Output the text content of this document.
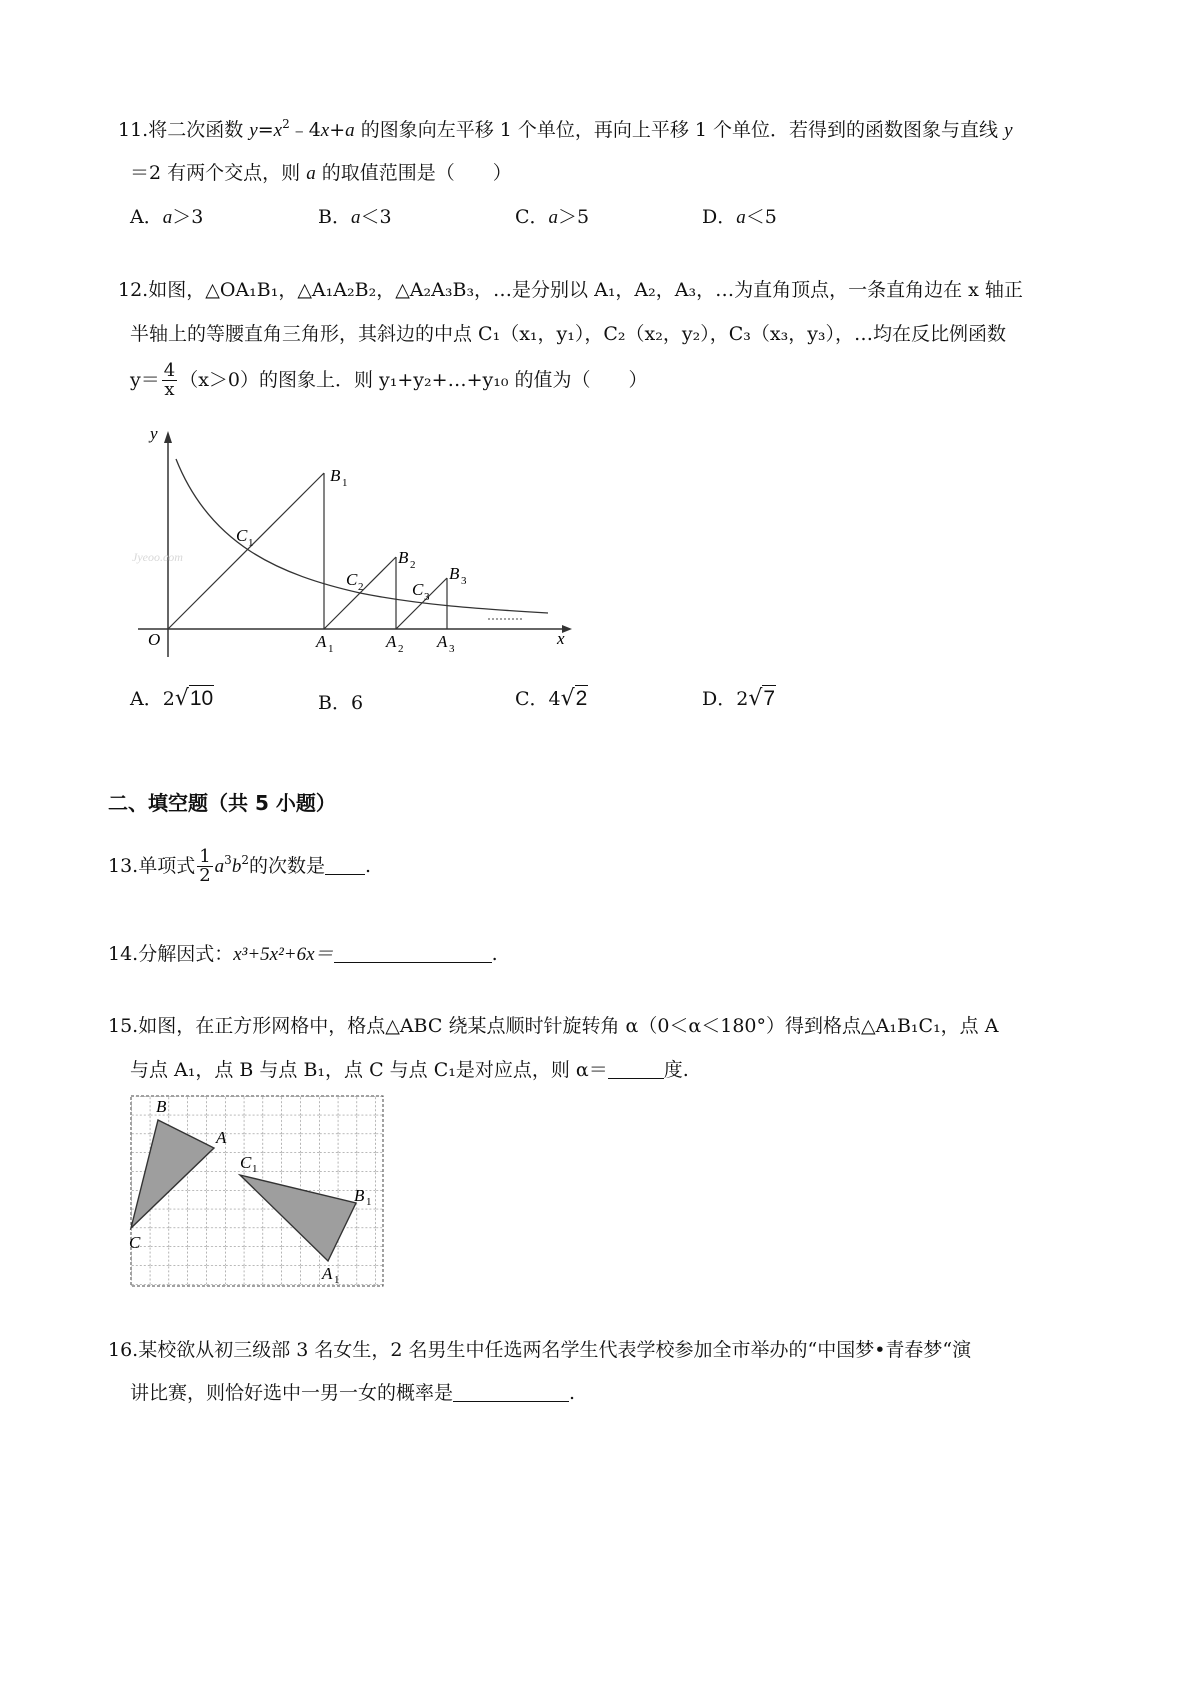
11.将二次函数 $y=x^2﹣4x+a$ 的图象向左平移 1 个单位，再向上平移 1 个单位．若得到的函数图象与直线 y
＝2 有两个交点，则 a 的取值范围是（　　）
A．a＞3	B．a＜3	C．a＞5	D．a＜5
12.如图，△OA₁B₁，△A₁A₂B₂，△A₂A₃B₃，…是分别以 A₁，A₂，A₃，…为直角顶点，一条直角边在 x 轴正
半轴上的等腰直角三角形，其斜边的中点 C₁（x₁，y₁），C₂（x₂，y₂），C₃（x₃，y₃），…均在反比例函数
$y= \frac{4}{x} (x>0)$的图象上．则 y₁+y₂+…+y₁₀ 的值为（　　）
Jyeoo.com
y
x
O
B 1
B 2 B 3
C 1
C 2	C 3
A 1	A 2 A 3
A．2√10	B．6	C．4√2	D．2√7
二、填空题（共 5 小题）
13.单项式 $\frac{1}{2} a^3b^2$的次数是 .
14.分解因式：x³+5x²+6x＝	.
15.如图，在正方形网格中，格点△ABC 绕某点顺时针旋转角 α（0＜α＜180°）得到格点△A₁B₁C₁，点 A
与点 A₁，点 B 与点 B₁，点 C 与点 C₁是对应点，则 α＝	度.
B
A
C
C 1
B 1
A 1
16.某校欲从初三级部 3 名女生，2 名男生中任选两名学生代表学校参加全市举办的“中国梦•青春梦“演
讲比赛，则恰好选中一男一女的概率是	.
